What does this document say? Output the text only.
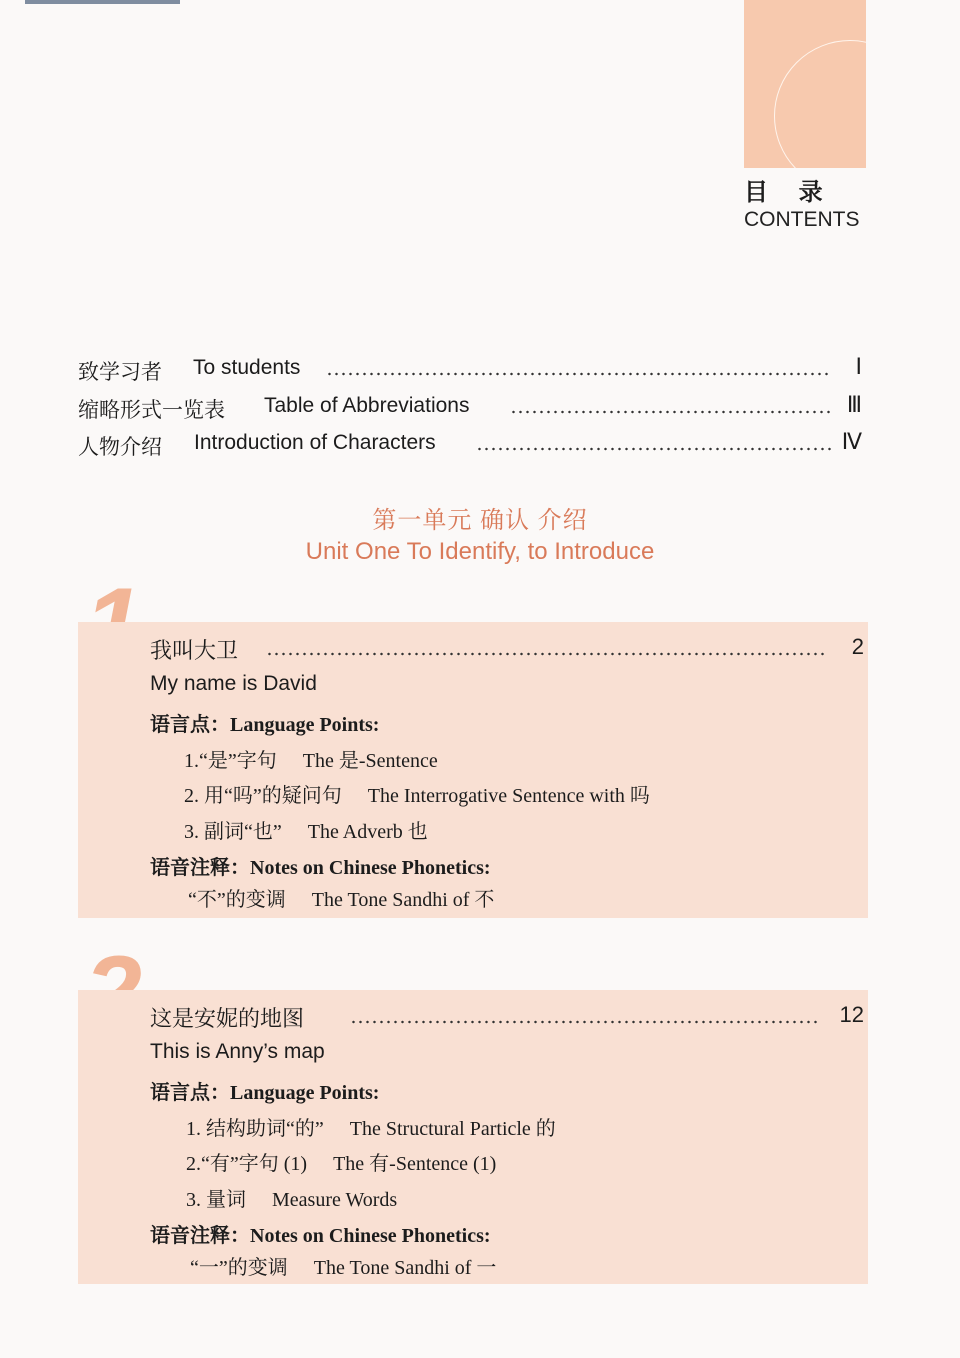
目 录
CONTENTS
致学习者 To students	Ⅰ
缩略形式一览表 Table of Abbreviations	Ⅲ
人物介绍 Introduction of Characters	Ⅳ
第一单元 确认 介绍
Unit One To Identify, to Introduce
我叫大卫	2
My name is David
语言点：Language Points:
1.“是”字句 The 是-Sentence
2. 用“吗”的疑问句 The Interrogative Sentence with 吗
3. 副词“也” The Adverb 也
语音注释：Notes on Chinese Phonetics:
“不”的变调 The Tone Sandhi of 不
这是安妮的地图	12
This is Anny’s map
语言点：Language Points:
1. 结构助词“的” The Structural Particle 的
2.“有”字句 (1) The 有-Sentence (1)
3. 量词 Measure Words
语音注释：Notes on Chinese Phonetics:
“一”的变调 The Tone Sandhi of 一
